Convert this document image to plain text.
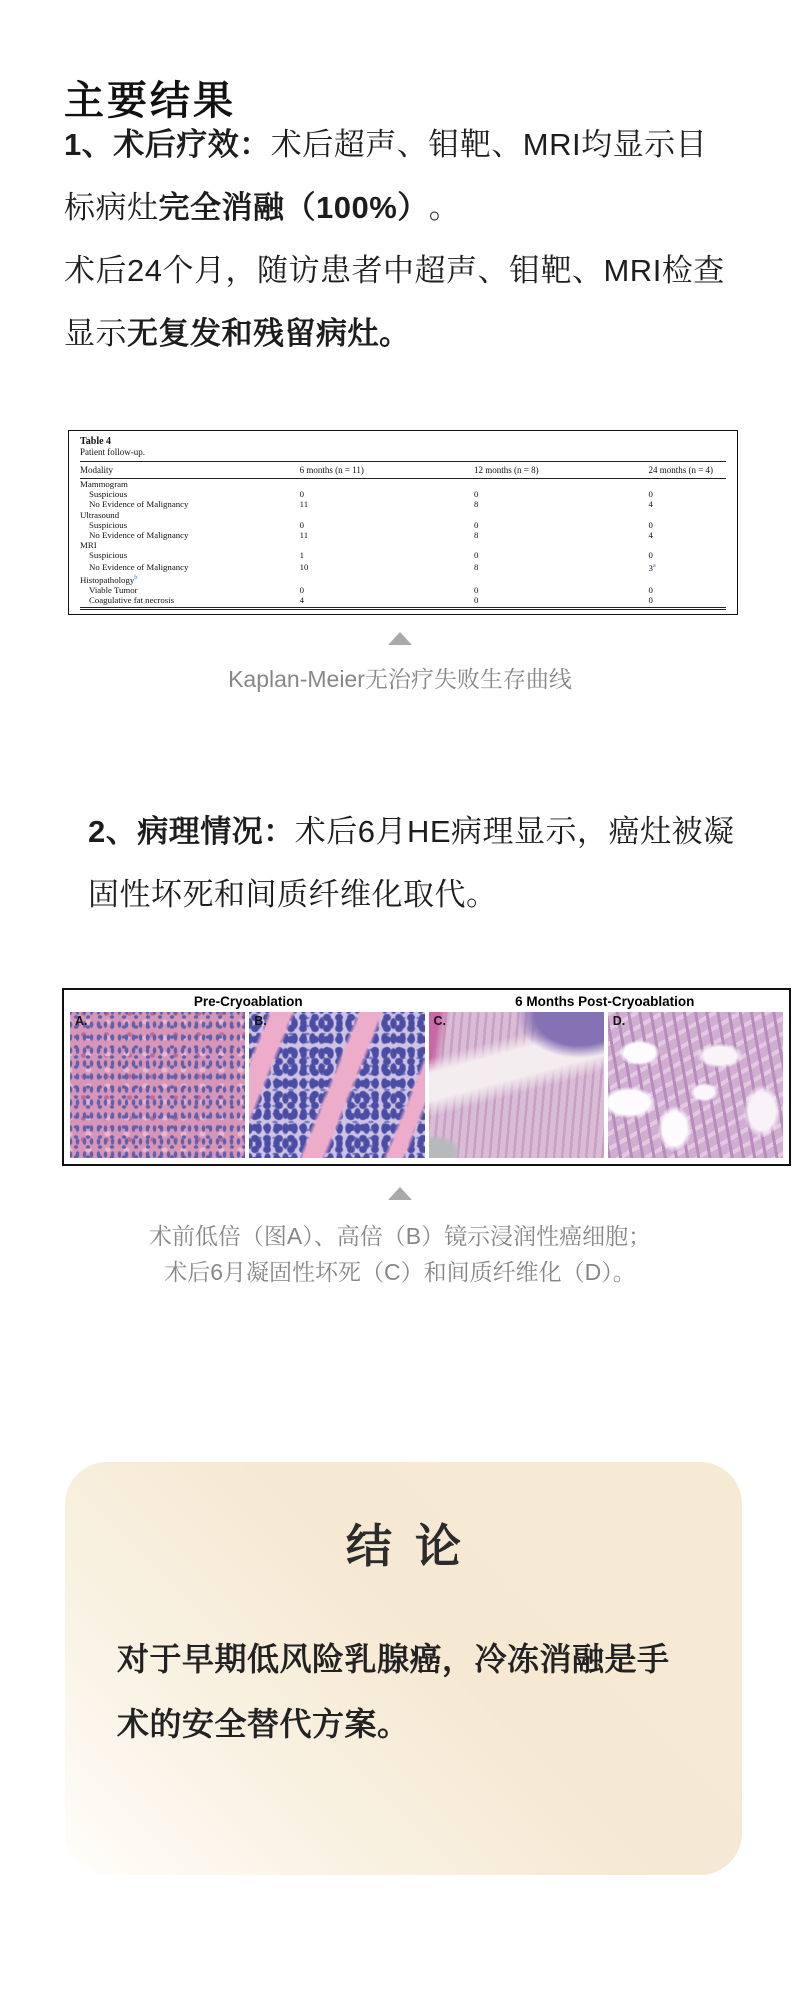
主要结果
1、术后疗效： 术后超声、钼靶、MRI均显示目
标病灶 完全消融（100%） 。
术后24个月，随访患者中超声、钼靶、MRI检查
显示 无复发和残留病灶。
Table 4
Patient follow-up.
Modality	6 months (n = 11)	12 months (n = 8)	24 months (n = 4)
Mammogram			
Suspicious	0	0	0
No Evidence of Malignancy	11	8	4
Ultrasound			
Suspicious	0	0	0
No Evidence of Malignancy	11	8	4
MRI			
Suspicious	1	0	0
No Evidence of Malignancy	10	8	3$^a$
Histopathology$^b$			
Viable Tumor	0	0	0
Coagulative fat necrosis	4	0	0
Kaplan-Meier无治疗失败生存曲线
2、病理情况： 术后6月HE病理显示，癌灶被凝
固性坏死和间质纤维化取代。
Pre-Cryoablation	6 Months Post-Cryoablation
A.	B.	C.	D.
术前低倍（图A）、高倍（B）镜示浸润性癌细胞；
术后6月凝固性坏死（C）和间质纤维化（D）。
结  论
对于早期低风险乳腺癌，冷冻消融是手
术的安全替代方案。
